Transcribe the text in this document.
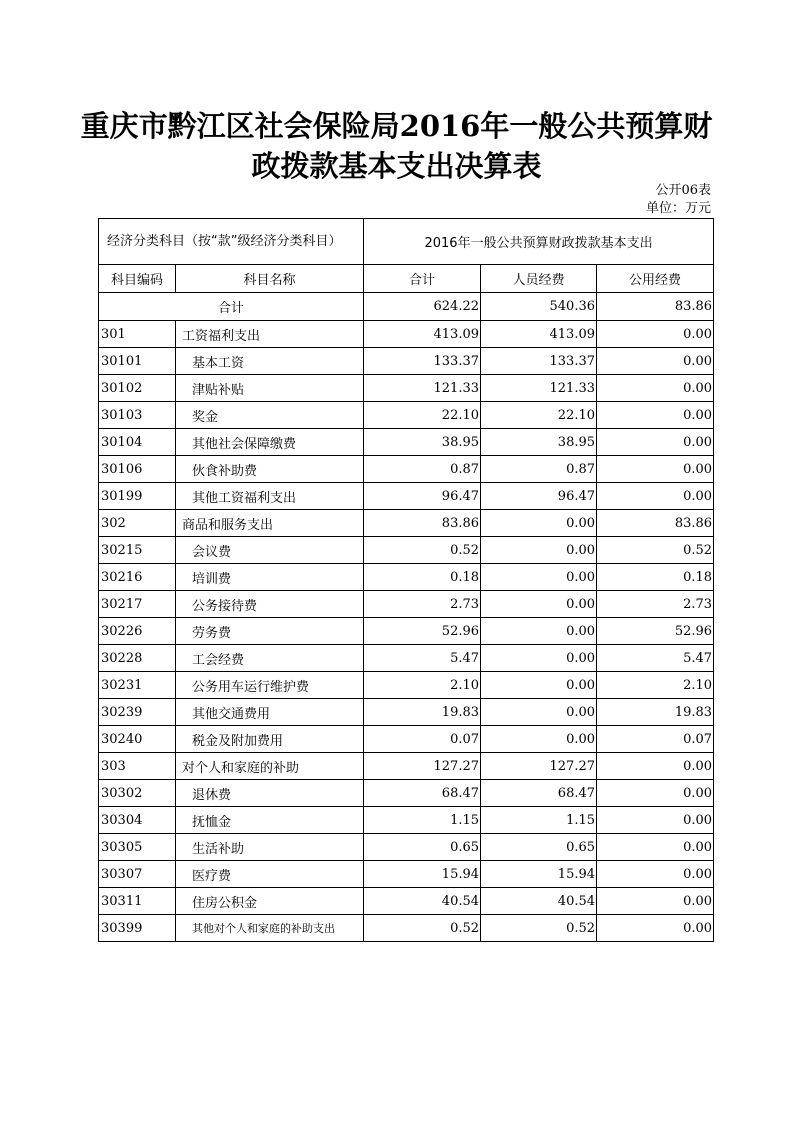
重庆市黔江区社会保险局2016年一般公共预算财
政拨款基本支出决算表
公开06表
单位：万元
经济分类科目（按“款”级经济分类科目）		2016年一般公共预算财政拨款基本支出		
科目编码	科目名称	合计	人员经费	公用经费
合计		624.22	540.36	83.86
301	工资福利支出	413.09	413.09	0.00
30101	基本工资	133.37	133.37	0.00
30102	津贴补贴	121.33	121.33	0.00
30103	奖金	22.10	22.10	0.00
30104	其他社会保障缴费	38.95	38.95	0.00
30106	伙食补助费	0.87	0.87	0.00
30199	其他工资福利支出	96.47	96.47	0.00
302	商品和服务支出	83.86	0.00	83.86
30215	会议费	0.52	0.00	0.52
30216	培训费	0.18	0.00	0.18
30217	公务接待费	2.73	0.00	2.73
30226	劳务费	52.96	0.00	52.96
30228	工会经费	5.47	0.00	5.47
30231	公务用车运行维护费	2.10	0.00	2.10
30239	其他交通费用	19.83	0.00	19.83
30240	税金及附加费用	0.07	0.00	0.07
303	对个人和家庭的补助	127.27	127.27	0.00
30302	退休费	68.47	68.47	0.00
30304	抚恤金	1.15	1.15	0.00
30305	生活补助	0.65	0.65	0.00
30307	医疗费	15.94	15.94	0.00
30311	住房公积金	40.54	40.54	0.00
30399	其他对个人和家庭的补助支出	0.52	0.52	0.00
